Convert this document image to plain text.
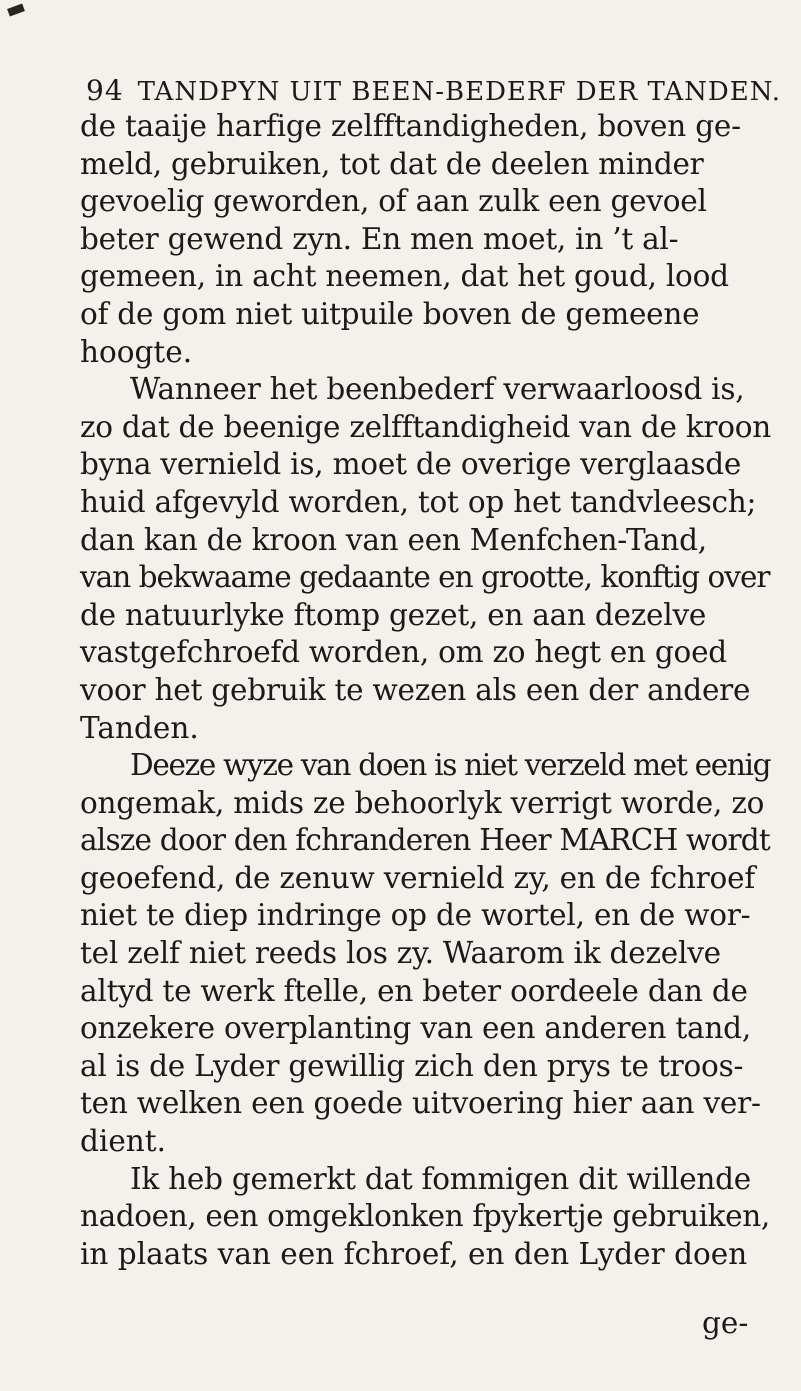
94 TANDPYN UIT BEEN-BEDERF DER TANDEN.

de taaije harfige zelfftandigheden, boven ge-
meld, gebruiken, tot dat de deelen minder
gevoelig geworden, of aan zulk een gevoel
beter gewend zyn. En men moet, in ’t al-
gemeen, in acht neemen, dat het goud, lood
of de gom niet uitpuile boven de gemeene
hoogte.

Wanneer het beenbederf verwaarloosd is,
zo dat de beenige zelfftandigheid van de kroon
byna vernield is, moet de overige verglaasde
huid afgevyld worden, tot op het tandvleesch;
dan kan de kroon van een Menfchen-Tand,
van bekwaame gedaante en grootte, konftig over
de natuurlyke ftomp gezet, en aan dezelve
vastgefchroefd worden, om zo hegt en goed
voor het gebruik te wezen als een der andere
Tanden.

Deeze wyze van doen is niet verzeld met eenig
ongemak, mids ze behoorlyk verrigt worde, zo
alsze door den fchranderen Heer MARCH wordt
geoefend, de zenuw vernield zy, en de fchroef
niet te diep indringe op de wortel, en de wor-
tel zelf niet reeds los zy. Waarom ik dezelve
altyd te werk ftelle, en beter oordeele dan de
onzekere overplanting van een anderen tand,
al is de Lyder gewillig zich den prys te troos-
ten welken een goede uitvoering hier aan ver-
dient.

Ik heb gemerkt dat fommigen dit willende
nadoen, een omgeklonken fpykertje gebruiken,
in plaats van een fchroef, en den Lyder doen

ge-
